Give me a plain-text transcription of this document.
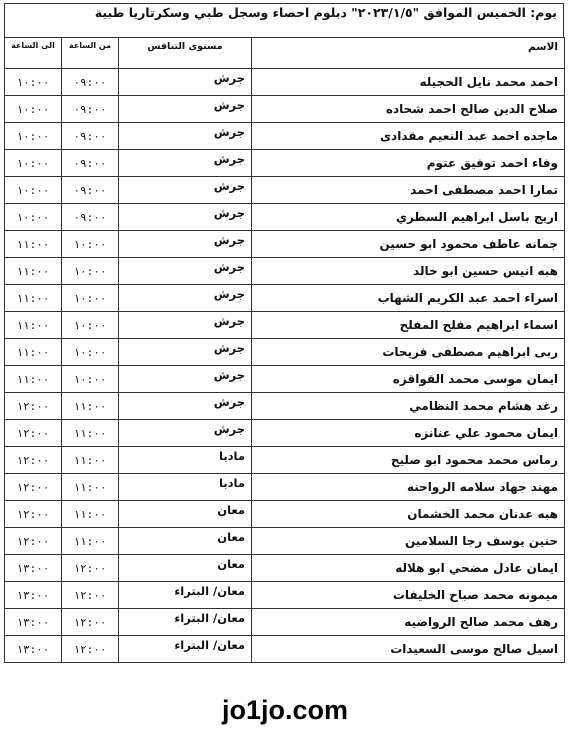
يوم: الخميس الموافق "٢٠٢٣/١/٥" دبلوم احصاء وسجل طبي وسكرتاريا طبية
الاسم	مستوى التنافس	من الساعة	الى الساعة
احمد محمد نايل الحجيله	جرش	٠٩:٠٠	١٠:٠٠
صلاح الدين صالح احمد شحاده	جرش	٠٩:٠٠	١٠:٠٠
ماجده احمد عبد النعيم مقدادى	جرش	٠٩:٠٠	١٠:٠٠
وفاء احمد توفيق عتوم	جرش	٠٩:٠٠	١٠:٠٠
تمارا احمد مصطفى احمد	جرش	٠٩:٠٠	١٠:٠٠
اريج باسل ابراهيم السطري	جرش	٠٩:٠٠	١٠:٠٠
جمانه عاطف محمود ابو حسين	جرش	١٠:٠٠	١١:٠٠
هبه انيس حسين ابو خالد	جرش	١٠:٠٠	١١:٠٠
اسراء احمد عبد الكريم الشهاب	جرش	١٠:٠٠	١١:٠٠
اسماء ابراهيم مفلح المفلح	جرش	١٠:٠٠	١١:٠٠
ربى ابراهيم مصطفى فريحات	جرش	١٠:٠٠	١١:٠٠
ايمان موسى محمد القواقزه	جرش	١٠:٠٠	١١:٠٠
رغد هشام محمد النظامي	جرش	١١:٠٠	١٢:٠٠
ايمان محمود علي عنانزه	جرش	١١:٠٠	١٢:٠٠
رماس محمد محمود ابو صليح	مادبا	١١:٠٠	١٢:٠٠
مهند جهاد سلامه الرواحنه	مادبا	١١:٠٠	١٢:٠٠
هبه عدنان محمد الخشمان	معان	١١:٠٠	١٢:٠٠
حنين يوسف رجا السلامين	معان	١١:٠٠	١٢:٠٠
ايمان عادل مضحي ابو هلاله	معان	١٢:٠٠	١٣:٠٠
ميمونه محمد صباح الخليفات	معان/ البتراء	١٢:٠٠	١٣:٠٠
رهف محمد صالح الرواضيه	معان/ البتراء	١٢:٠٠	١٣:٠٠
اسيل صالح موسى السعيدات	معان/ البتراء	١٢:٠٠	١٣:٠٠
jo1jo.com
